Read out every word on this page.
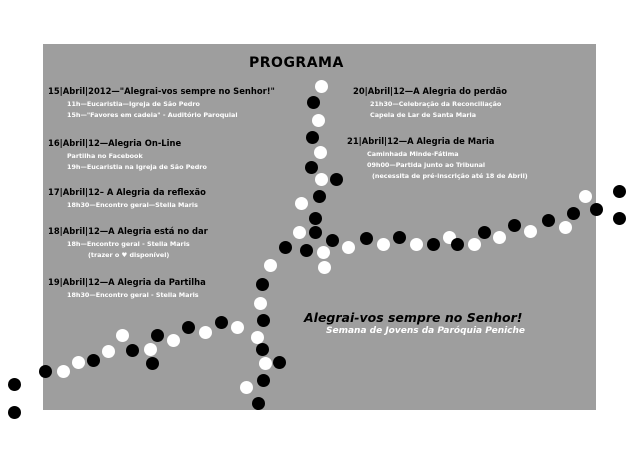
PROGRAMA
15|Abril|2012—"Alegrai-vos sempre no Senhor!"
11h—Eucaristia—Igreja de São Pedro
15h—"Favores em cadeia" - Auditório Paroquial
16|Abril|12—Alegria On-Line
Partilha no Facebook
19h—Eucaristia na Igreja de São Pedro
17|Abril|12– A Alegria da reflexão
18h30—Encontro geral—Stella Maris
18|Abril|12—A Alegria está no dar
18h—Encontro geral - Stella Maris
(trazer o ♥ disponível)
19|Abril|12—A Alegria da Partilha
18h30—Encontro geral - Stella Maris
20|Abril|12—A Alegria do perdão
21h30—Celebração da Reconciliação
Capela de Lar de Santa Maria
21|Abril|12—A Alegria de Maria
Caminhada Minde-Fátima
09h00—Partida junto ao Tribunal
(necessita de pré-inscrição até 18 de Abril)
Alegrai-vos sempre no Senhor!
Semana de Jovens da Paróquia Peniche
